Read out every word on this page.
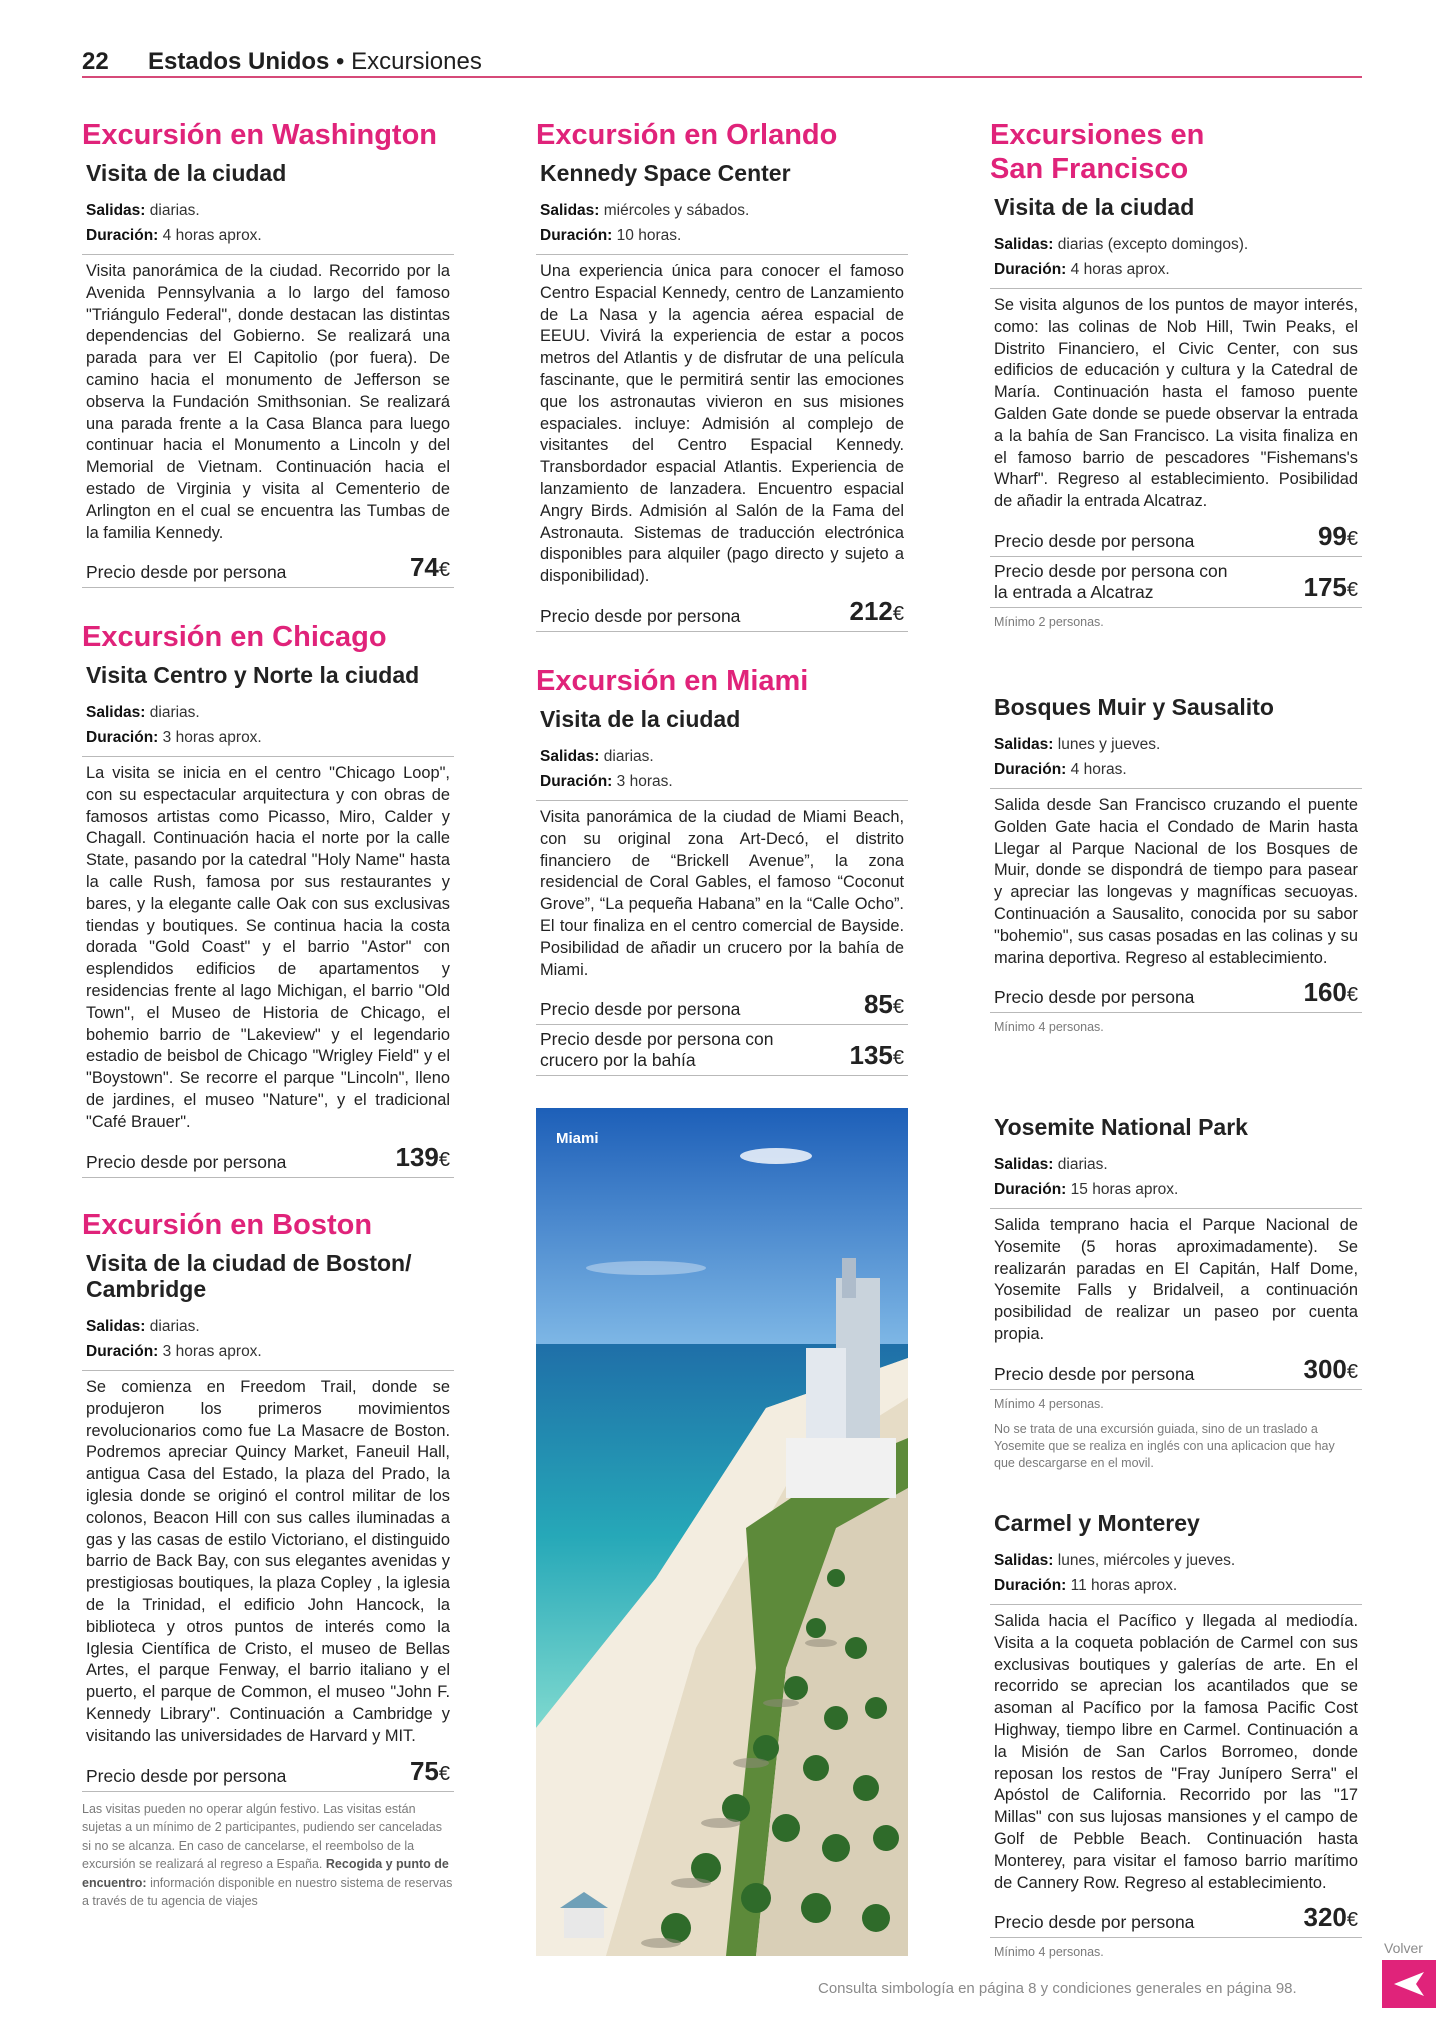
22 Estados Unidos • Excursiones
Excursión en Washington
Visita de la ciudad
Salidas: diarias.
Duración: 4 horas aprox.
Visita panorámica de la ciudad. Recorrido por la Avenida Pennsylvania a lo largo del famoso "Triángulo Federal", donde destacan las distintas dependencias del Gobierno. Se realizará una parada para ver El Capitolio (por fuera). De camino hacia el monumento de Jefferson se observa la Fundación Smithsonian. Se realizará una parada frente a la Casa Blanca para luego continuar hacia el Monumento a Lincoln y del Memorial de Vietnam. Continuación hacia el estado de Virginia y visita al Cementerio de Arlington en el cual se encuentra las Tumbas de la familia Kennedy.
Precio desde por persona	74€
Excursión en Chicago
Visita Centro y Norte la ciudad
Salidas: diarias.
Duración: 3 horas aprox.
La visita se inicia en el centro "Chicago Loop", con su espectacular arquitectura y con obras de famosos artistas como Picasso, Miro, Calder y Chagall. Continuación hacia el norte por la calle State, pasando por la catedral "Holy Name" hasta la calle Rush, famosa por sus restaurantes y bares, y la elegante calle Oak con sus exclusivas tiendas y boutiques. Se continua hacia la costa dorada "Gold Coast" y el barrio "Astor" con esplendidos edificios de apartamentos y residencias frente al lago Michigan, el barrio "Old Town", el Museo de Historia de Chicago, el bohemio barrio de "Lakeview" y el legendario estadio de beisbol de Chicago "Wrigley Field" y el "Boystown". Se recorre el parque "Lincoln", lleno de jardines, el museo "Nature", y el tradicional "Café Brauer".
Precio desde por persona	139€
Excursión en Boston
Visita de la ciudad de Boston/ Cambridge
Salidas: diarias.
Duración: 3 horas aprox.
Se comienza en Freedom Trail, donde se produjeron los primeros movimientos revolucionarios como fue La Masacre de Boston. Podremos apreciar Quincy Market, Faneuil Hall, antigua Casa del Estado, la plaza del Prado, la iglesia donde se originó el control militar de los colonos, Beacon Hill con sus calles iluminadas a gas y las casas de estilo Victoriano, el distinguido barrio de Back Bay, con sus elegantes avenidas y prestigiosas boutiques, la plaza Copley , la iglesia de la Trinidad, el edificio John Hancock, la biblioteca y otros puntos de interés como la Iglesia Científica de Cristo, el museo de Bellas Artes, el parque Fenway, el barrio italiano y el puerto, el parque de Common, el museo "John F. Kennedy Library". Continuación a Cambridge y visitando las universidades de Harvard y MIT.
Precio desde por persona	75€
Las visitas pueden no operar algún festivo. Las visitas están sujetas a un mínimo de 2 participantes, pudiendo ser canceladas si no se alcanza. En caso de cancelarse, el reembolso de la excursión se realizará al regreso a España. Recogida y punto de encuentro: información disponible en nuestro sistema de reservas a través de tu agencia de viajes
Excursión en Orlando
Kennedy Space Center
Salidas: miércoles y sábados.
Duración: 10 horas.
Una experiencia única para conocer el famoso Centro Espacial Kennedy, centro de Lanzamiento de La Nasa y la agencia aérea espacial de EEUU. Vivirá la experiencia de estar a pocos metros del Atlantis y de disfrutar de una película fascinante, que le permitirá sentir las emociones que los astronautas vivieron en sus misiones espaciales. incluye: Admisión al complejo de visitantes del Centro Espacial Kennedy. Transbordador espacial Atlantis. Experiencia de lanzamiento de lanzadera. Encuentro espacial Angry Birds. Admisión al Salón de la Fama del Astronauta. Sistemas de traducción electrónica disponibles para alquiler (pago directo y sujeto a disponibilidad).
Precio desde por persona	212€
Excursión en Miami
Visita de la ciudad
Salidas: diarias.
Duración: 3 horas.
Visita panorámica de la ciudad de Miami Beach, con su original zona Art-Decó, el distrito financiero de “Brickell Avenue”, la zona residencial de Coral Gables, el famoso “Coconut Grove”, “La pequeña Habana” en la “Calle Ocho”. El tour finaliza en el centro comercial de Bayside. Posibilidad de añadir un crucero por la bahía de Miami.
Precio desde por persona	85€
Precio desde por persona con crucero por la bahía	135€
Miami
Excursiones en San Francisco
Visita de la ciudad
Salidas: diarias (excepto domingos).
Duración: 4 horas aprox.
Se visita algunos de los puntos de mayor interés, como: las colinas de Nob Hill, Twin Peaks, el Distrito Financiero, el Civic Center, con sus edificios de educación y cultura y la Catedral de María. Continuación hasta el famoso puente Galden Gate donde se puede observar la entrada a la bahía de San Francisco. La visita finaliza en el famoso barrio de pescadores "Fishemans's Wharf". Regreso al establecimiento. Posibilidad de añadir la entrada Alcatraz.
Precio desde por persona	99€
Precio desde por persona con la entrada a Alcatraz	175€
Mínimo 2 personas.
Bosques Muir y Sausalito
Salidas: lunes y jueves.
Duración: 4 horas.
Salida desde San Francisco cruzando el puente Golden Gate hacia el Condado de Marin hasta Llegar al Parque Nacional de los Bosques de Muir, donde se dispondrá de tiempo para pasear y apreciar las longevas y magníficas secuoyas. Continuación a Sausalito, conocida por su sabor "bohemio", sus casas posadas en las colinas y su marina deportiva. Regreso al establecimiento.
Precio desde por persona	160€
Mínimo 4 personas.
Yosemite National Park
Salidas: diarias.
Duración: 15 horas aprox.
Salida temprano hacia el Parque Nacional de Yosemite (5 horas aproximadamente). Se realizarán paradas en El Capitán, Half Dome, Yosemite Falls y Bridalveil, a continuación posibilidad de realizar un paseo por cuenta propia.
Precio desde por persona	300€
Mínimo 4 personas.
No se trata de una excursión guiada, sino de un traslado a Yosemite que se realiza en inglés con una aplicacion que hay que descargarse en el movil.
Carmel y Monterey
Salidas: lunes, miércoles y jueves.
Duración: 11 horas aprox.
Salida hacia el Pacífico y llegada al mediodía. Visita a la coqueta población de Carmel con sus exclusivas boutiques y galerías de arte. En el recorrido se aprecian los acantilados que se asoman al Pacífico por la famosa Pacific Cost Highway, tiempo libre en Carmel. Continuación a la Misión de San Carlos Borromeo, donde reposan los restos de "Fray Junípero Serra" el Apóstol de California. Recorrido por las "17 Millas" con sus lujosas mansiones y el campo de Golf de Pebble Beach. Continuación hasta Monterey, para visitar el famoso barrio marítimo de Cannery Row. Regreso al establecimiento.
Precio desde por persona	320€
Mínimo 4 personas.
Consulta simbología en página 8 y condiciones generales en página 98.
Volver
